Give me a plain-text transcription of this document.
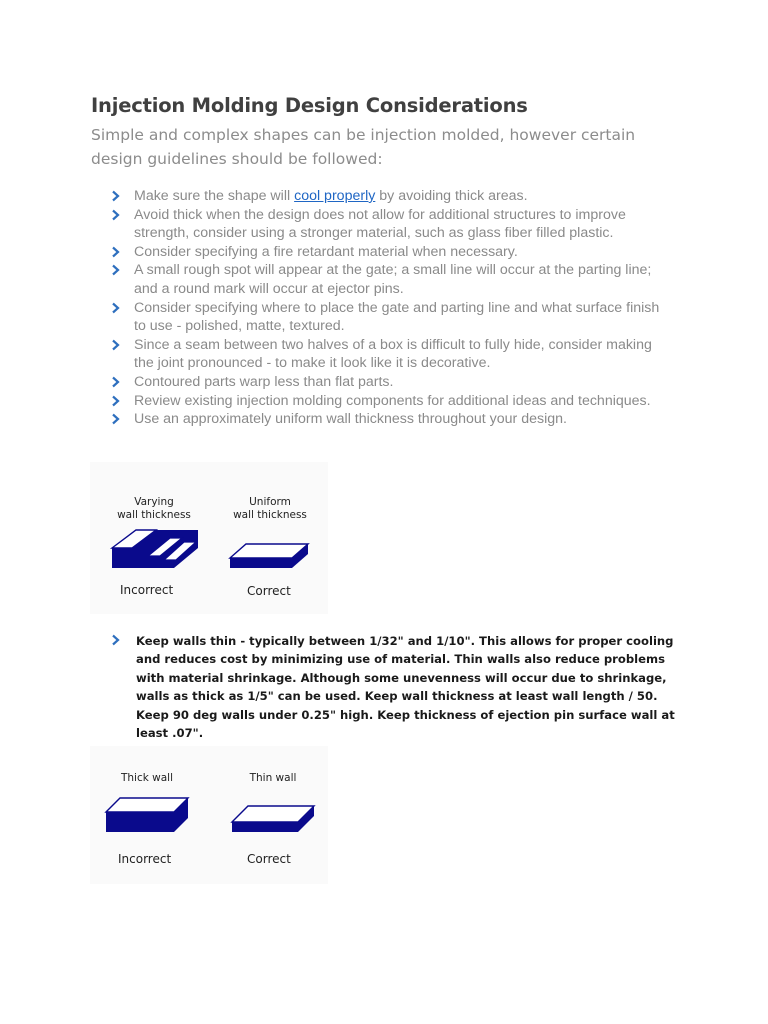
Injection Molding Design Considerations

Simple and complex shapes can be injection molded, however certain design guidelines should be followed:

Make sure the shape will cool properly by avoiding thick areas.
Avoid thick when the design does not allow for additional structures to improve strength, consider using a stronger material, such as glass fiber filled plastic.
Consider specifying a fire retardant material when necessary.
A small rough spot will appear at the gate; a small line will occur at the parting line; and a round mark will occur at ejector pins.
Consider specifying where to place the gate and parting line and what surface finish to use - polished, matte, textured.
Since a seam between two halves of a box is difficult to fully hide, consider making the joint pronounced - to make it look like it is decorative.
Contoured parts warp less than flat parts.
Review existing injection molding components for additional ideas and techniques.
Use an approximately uniform wall thickness throughout your design.
Varying
wall thickness
Uniform
wall thickness
Incorrect	Correct

Keep walls thin - typically between 1/32" and 1/10". This allows for proper cooling and reduces cost by minimizing use of material. Thin walls also reduce problems with material shrinkage. Although some unevenness will occur due to shrinkage, walls as thick as 1/5" can be used. Keep wall thickness at least wall length / 50. Keep 90 deg walls under 0.25" high. Keep thickness of ejection pin surface wall at least .07".

Thick wall	Thin wall
Incorrect	Correct
